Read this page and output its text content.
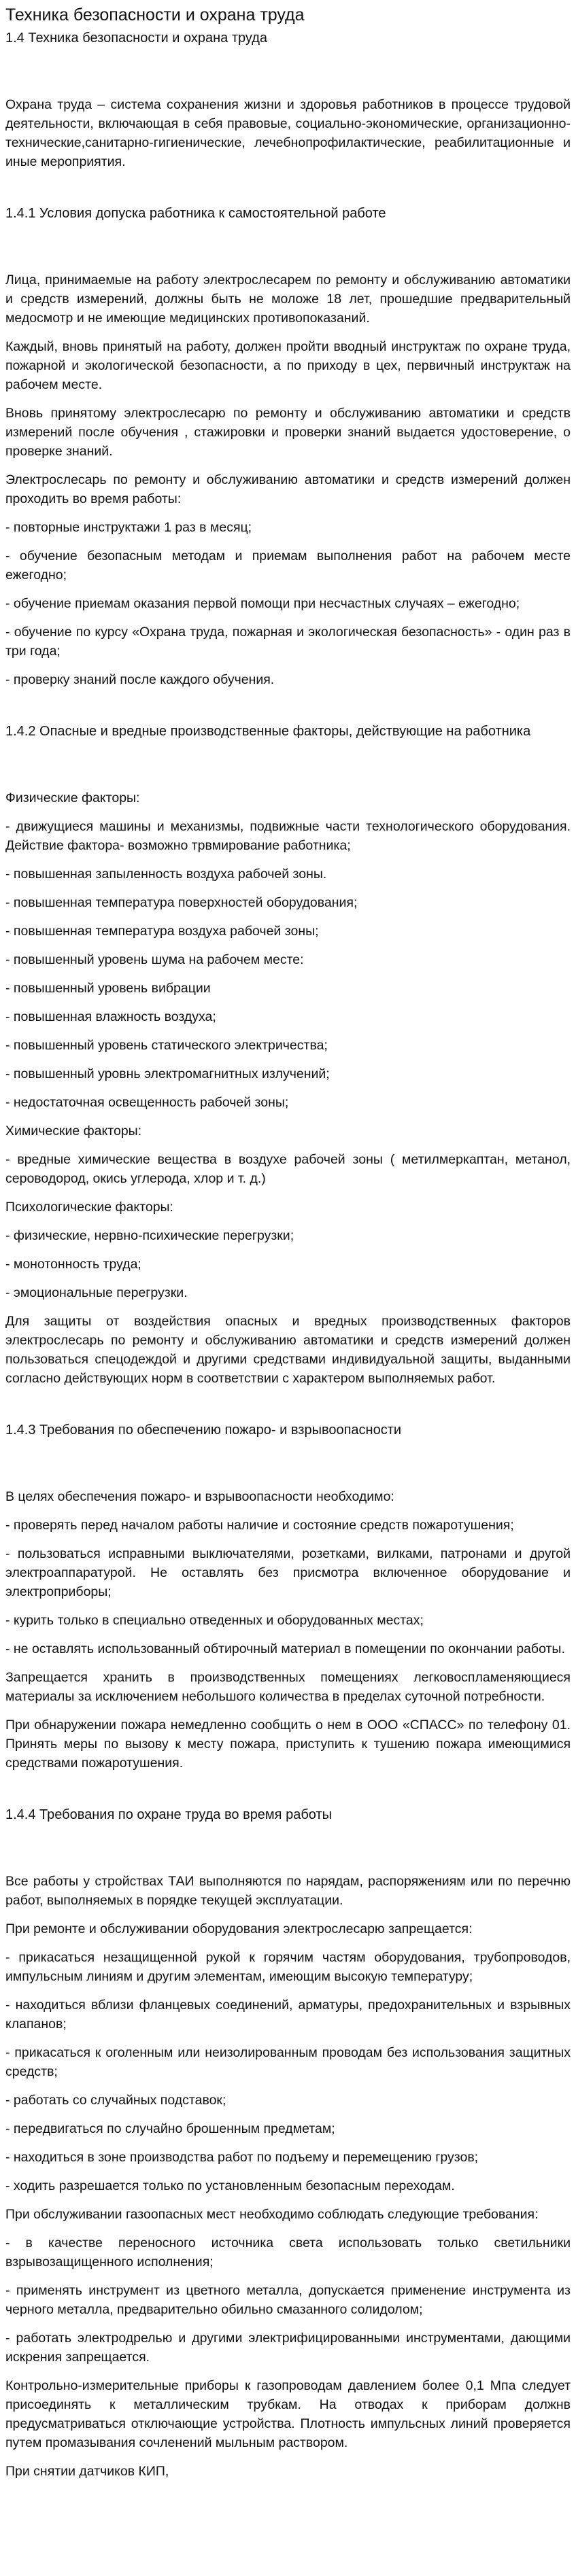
Техника безопасности и охрана труда
1.4 Техника безопасности и охрана труда

Охрана труда – система сохранения жизни и здоровья работников в процессе трудовой деятельности, включающая в себя правовые, социально-экономические, организационно-технические,санитарно-гигиенические, лечебнопрофилактические, реабилитационные и иные мероприятия.

1.4.1 Условия допуска работника к самостоятельной работе

Лица, принимаемые на работу электрослесарем по ремонту и обслуживанию автоматики и средств измерений, должны быть не моложе 18 лет, прошедшие предварительный медосмотр и не имеющие медицинских противопоказаний.

Каждый, вновь принятый на работу, должен пройти вводный инструктаж по охране труда, пожарной и экологической безопасности, а по приходу в цех, первичный инструктаж на рабочем месте.

Вновь принятому электрослесарю по ремонту и обслуживанию автоматики и средств измерений после обучения , стажировки и проверки знаний выдается удостоверение, о проверке знаний.

Электрослесарь по ремонту и обслуживанию автоматики и средств измерений должен проходить во время работы:

- повторные инструктажи 1 раз в месяц;

- обучение безопасным методам и приемам выполнения работ на рабочем месте ежегодно;

- обучение приемам оказания первой помощи при несчастных случаях – ежегодно;

- обучение по курсу «Охрана труда, пожарная и экологическая безопасность» - один раз в три года;

- проверку знаний после каждого обучения.

1.4.2 Опасные и вредные производственные факторы, действующие на работника

Физические факторы:

- движущиеся машины и механизмы, подвижные части технологического оборудования. Действие фактора- возможно трвмирование работника;

- повышенная запыленность воздуха рабочей зоны.

- повышенная температура поверхностей оборудования;

- повышенная температура воздуха рабочей зоны;

- повышенный уровень шума на рабочем месте:

- повышенный уровень вибрации

- повышенная влажность воздуха;

- повышенный уровень статического электричества;

- повышенный уровнь электромагнитных излучений;

- недостаточная освещенность рабочей зоны;

Химические факторы:

- вредные химические вещества в воздухе рабочей зоны ( метилмеркаптан, метанол, сероводород, окись углерода, хлор и т. д.)

Психологические факторы:

- физические, нервно-психические перегрузки;

- монотонность труда;

- эмоциональные перегрузки.

Для защиты от воздействия опасных и вредных производственных факторов электрослесарь по ремонту и обслуживанию автоматики и средств измерений должен пользоваться спецодеждой и другими средствами индивидуальной защиты, выданными согласно действующих норм в соответствии с характером выполняемых работ.

1.4.3 Требования по обеспечению пожаро- и взрывоопасности

В целях обеспечения пожаро- и взрывоопасности необходимо:

- проверять перед началом работы наличие и состояние средств пожаротушения;

- пользоваться исправными выключателями, розетками, вилками, патронами и другой электроаппаратурой. Не оставлять без присмотра включенное оборудование и электроприборы;

- курить только в специально отведенных и оборудованных местах;

- не оставлять использованный обтирочный материал в помещении по окончании работы.

Запрещается хранить в производственных помещениях легковоспламеняющиеся материалы за исключением небольшого количества в пределах суточной потребности.

При обнаружении пожара немедленно сообщить о нем в ООО «СПАСС» по телефону 01. Принять меры по вызову к месту пожара, приступить к тушению пожара имеющимися средствами пожаротушения.

1.4.4 Требования по охране труда во время работы

Все работы у стройствах ТАИ выполняются по нарядам, распоряжениям или по перечню работ, выполняемых в порядке текущей эксплуатации.

При ремонте и обслуживании оборудования электрослесарю запрещается:

- прикасаться незащищенной рукой к горячим частям оборудования, трубопроводов, импульсным линиям и другим элементам, имеющим высокую температуру;

- находиться вблизи фланцевых соединений, арматуры, предохранительных и взрывных клапанов;

- прикасаться к оголенным или неизолированным проводам без использования защитных средств;

- работать со случайных подставок;

- передвигаться по случайно брошенным предметам;

- находиться в зоне производства работ по подъему и перемещению грузов;

- ходить разрешается только по установленным безопасным переходам.

При обслуживании газоопасных мест необходимо соблюдать следующие требования:

- в качестве переносного источника света использовать только светильники взрывозащищенного исполнения;

- применять инструмент из цветного металла, допускается применение инструмента из черного металла, предварительно обильно смазанного солидолом;

- работать электродрелью и другими электрифицированными инструментами, дающими искрения запрещается.

Контрольно-измерительные приборы к газопроводам давлением более 0,1 Мпа следует присоединять к металлическим трубкам. На отводах к приборам должнв предусматриваться отключающие устройства. Плотность импульсных линий проверяется путем промазывания сочленений мыльным раствором.

При снятии датчиков КИП,
